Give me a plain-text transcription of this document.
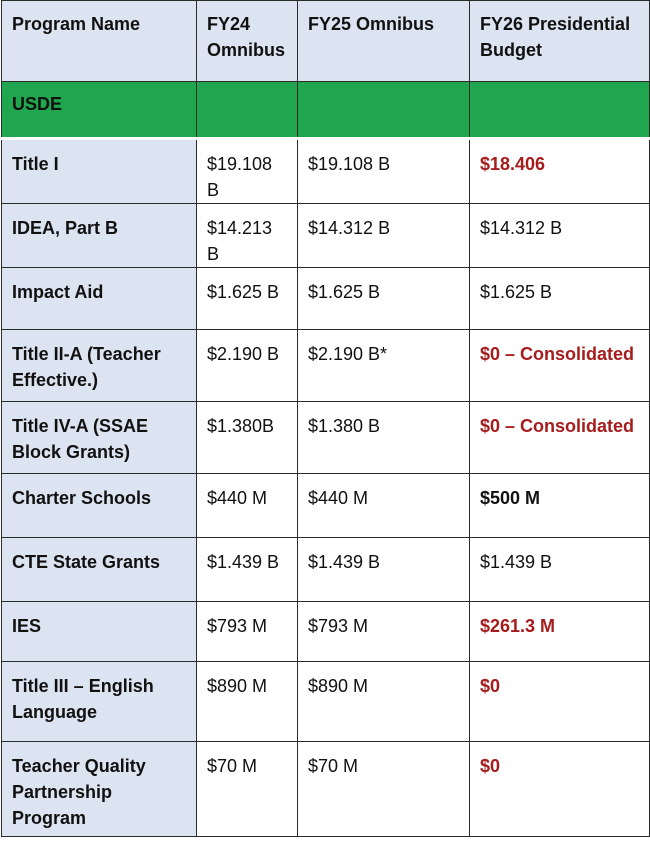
Program Name	FY24 Omnibus	FY25 Omnibus	FY26 Presidential Budget
USDE			
Title I	$19.108 B	$19.108 B	$18.406
IDEA, Part B	$14.213 B	$14.312 B	$14.312 B
Impact Aid	$1.625 B	$1.625 B	$1.625 B
Title II-A (Teacher Effective.)	$2.190 B	$2.190 B*	$0 – Consolidated
Title IV-A (SSAE Block Grants)	$1.380B	$1.380 B	$0 – Consolidated
Charter Schools	$440 M	$440 M	$500 M
CTE State Grants	$1.439 B	$1.439 B	$1.439 B
IES	$793 M	$793 M	$261.3 M
Title III – English Language	$890 M	$890 M	$0
Teacher Quality Partnership Program	$70 M	$70 M	$0
